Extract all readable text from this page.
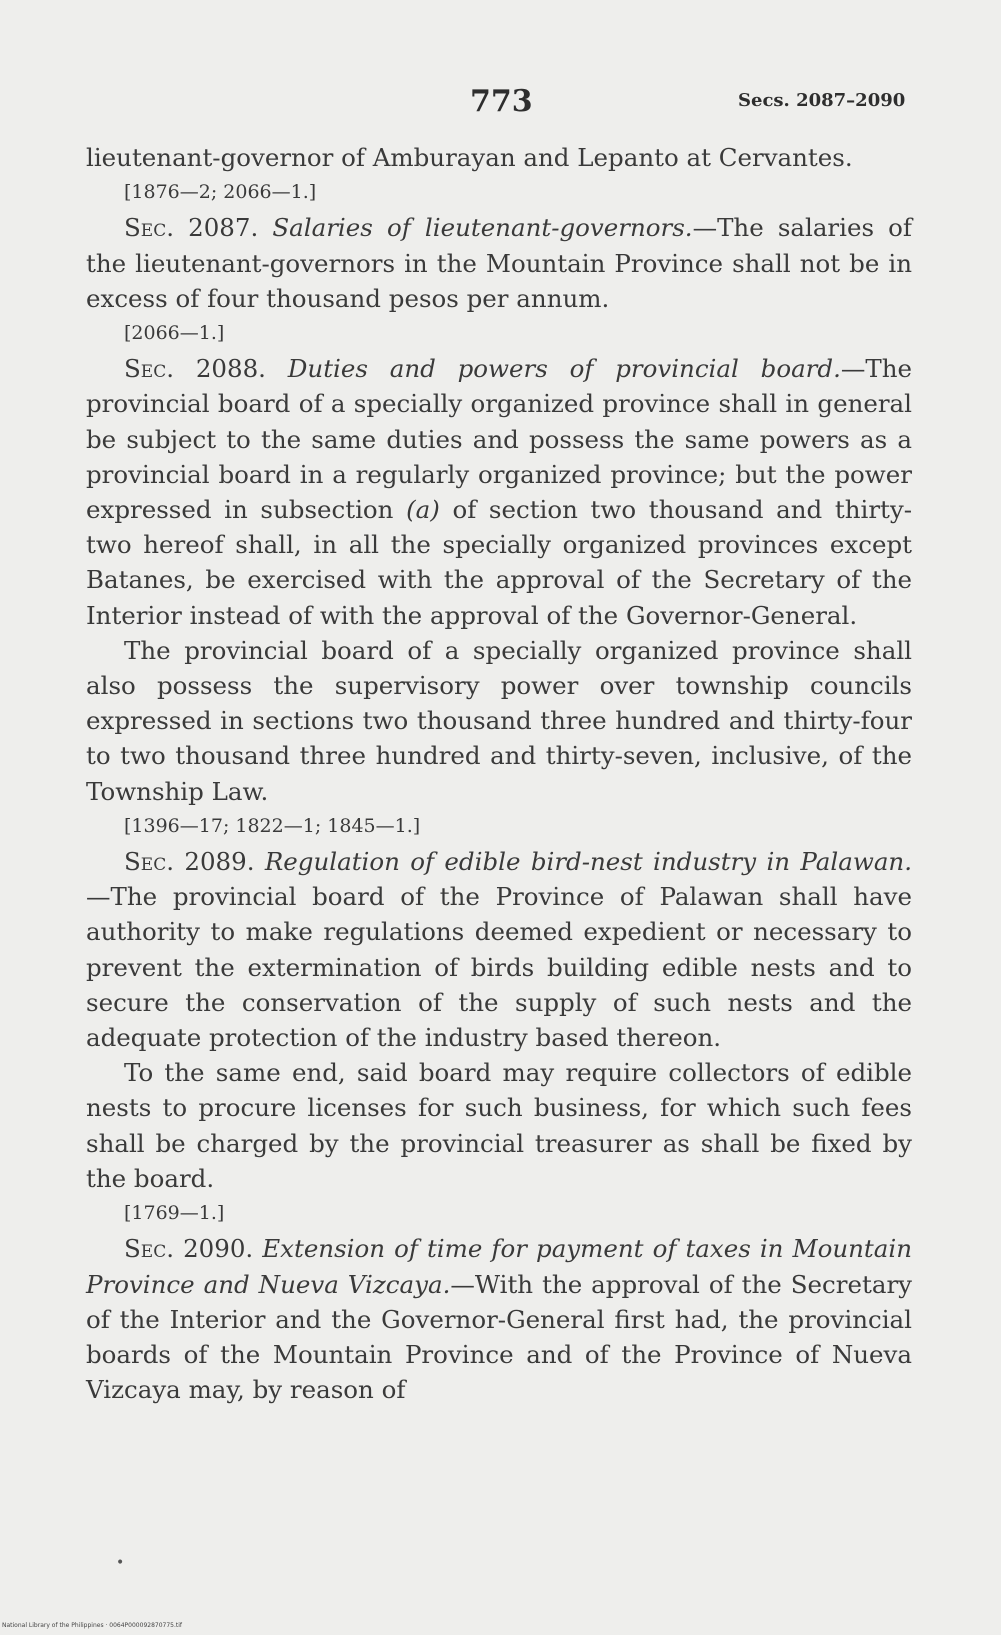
773	Secs. 2087–2090

lieutenant-governor of Amburayan and Lepanto at Cervantes.

[1876—2; 2066—1.]

Sec. 2087. Salaries of lieutenant-governors.—The salaries of the lieutenant-governors in the Mountain Province shall not be in excess of four thousand pesos per annum.

[2066—1.]

Sec. 2088. Duties and powers of provincial board.—The provincial board of a specially organized province shall in general be subject to the same duties and possess the same powers as a provincial board in a regularly organized province; but the power expressed in subsection (a) of section two thousand and thirty-two hereof shall, in all the specially organized provinces except Batanes, be exercised with the approval of the Secretary of the Interior instead of with the approval of the Governor-General.

The provincial board of a specially organized province shall also possess the supervisory power over township councils expressed in sections two thousand three hundred and thirty-four to two thousand three hundred and thirty-seven, inclusive, of the Township Law.

[1396—17; 1822—1; 1845—1.]

Sec. 2089. Regulation of edible bird-nest industry in Palawan.—The provincial board of the Province of Palawan shall have authority to make regulations deemed expedient or necessary to prevent the extermination of birds building edible nests and to secure the conservation of the supply of such nests and the adequate protection of the industry based thereon.

To the same end, said board may require collectors of edible nests to procure licenses for such business, for which such fees shall be charged by the provincial treasurer as shall be fixed by the board.

[1769—1.]

Sec. 2090. Extension of time for payment of taxes in Mountain Province and Nueva Vizcaya.—With the approval of the Secretary of the Interior and the Governor-General first had, the provincial boards of the Mountain Province and of the Province of Nueva Vizcaya may, by reason of

•
National Library of the Philippines · 0064P000092870775.tif
